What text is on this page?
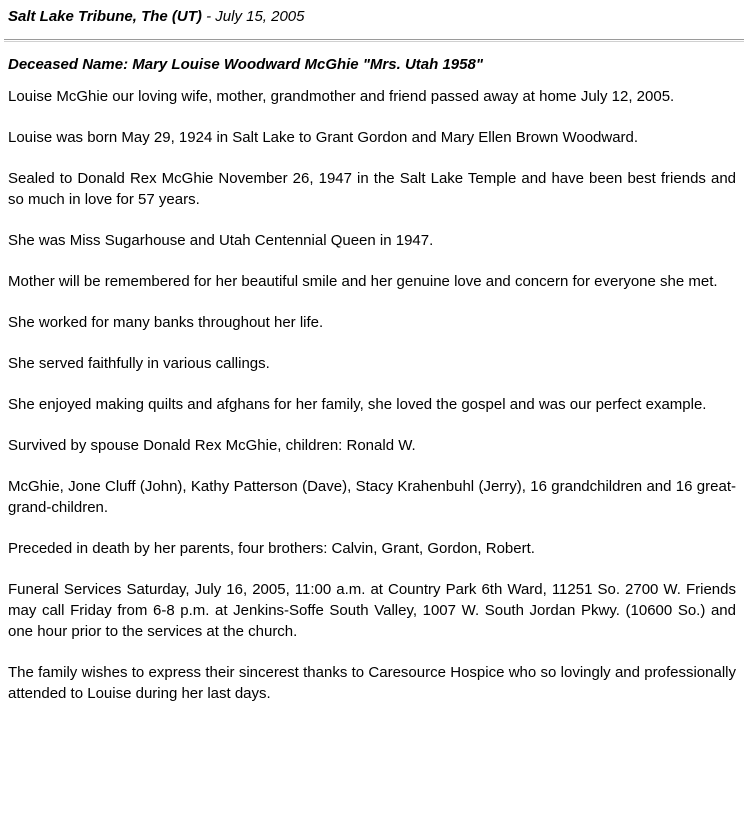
Salt Lake Tribune, The (UT) - July 15, 2005
Deceased Name: Mary Louise Woodward McGhie "Mrs. Utah 1958"

Louise McGhie our loving wife, mother, grandmother and friend passed away at home July 12, 2005.

Louise was born May 29, 1924 in Salt Lake to Grant Gordon and Mary Ellen Brown Woodward.

Sealed to Donald Rex McGhie November 26, 1947 in the Salt Lake Temple and have been best friends and so much in love for 57 years.

She was Miss Sugarhouse and Utah Centennial Queen in 1947.

Mother will be remembered for her beautiful smile and her genuine love and concern for everyone she met.

She worked for many banks throughout her life.

She served faithfully in various callings.

She enjoyed making quilts and afghans for her family, she loved the gospel and was our perfect example.

Survived by spouse Donald Rex McGhie, children: Ronald W.

McGhie, Jone Cluff (John), Kathy Patterson (Dave), Stacy Krahenbuhl (Jerry), 16 grandchildren and 16 great-grand-children.

Preceded in death by her parents, four brothers: Calvin, Grant, Gordon, Robert.

Funeral Services Saturday, July 16, 2005, 11:00 a.m. at Country Park 6th Ward, 11251 So. 2700 W. Friends may call Friday from 6-8 p.m. at Jenkins-Soffe South Valley, 1007 W. South Jordan Pkwy. (10600 So.) and one hour prior to the services at the church.

The family wishes to express their sincerest thanks to Caresource Hospice who so lovingly and professionally attended to Louise during her last days.
